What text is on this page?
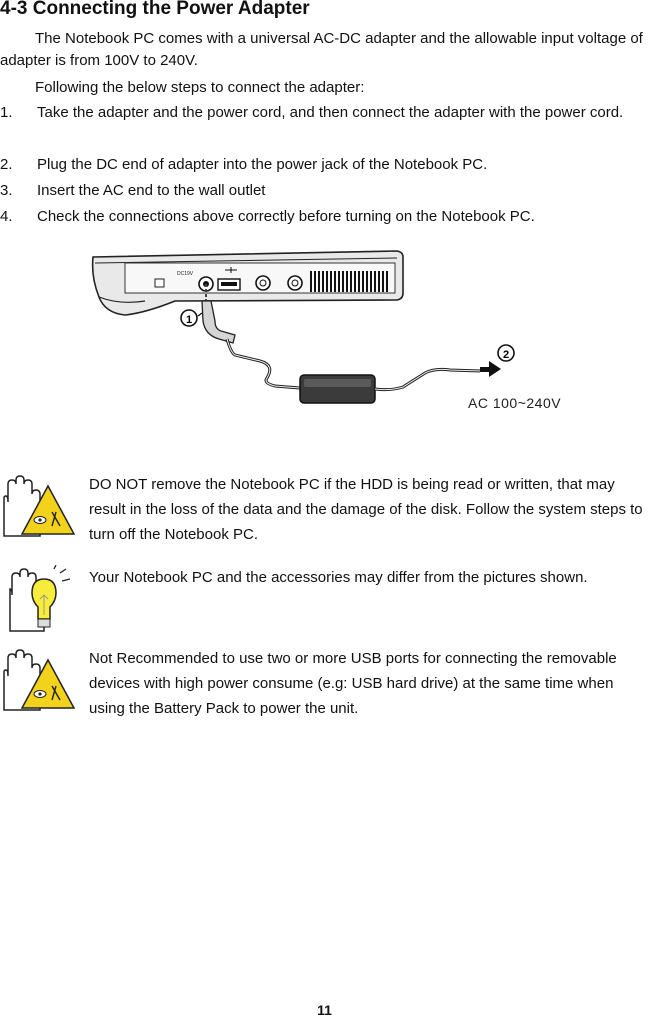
4-3 Connecting the Power Adapter

The Notebook PC comes with a universal AC-DC adapter and the allowable input voltage of adapter is from 100V to 240V.

Following the below steps to connect the adapter:

1. Take the adapter and the power cord, and then connect the adapter with the power cord.
2. Plug the DC end of adapter into the power jack of the Notebook PC.
3. Insert the AC end to the wall outlet
4. Check the connections above correctly before turning on the Notebook PC.
DC19V
1
2
AC 100~240V

DO NOT remove the Notebook PC if the HDD is being read or written, that may result in the loss of the data and the damage of the disk. Follow the system steps to turn off the Notebook PC.

Your Notebook PC and the accessories may differ from the pictures shown.

Not Recommended to use two or more USB ports for connecting the removable devices with high power consume (e.g: USB hard drive) at the same time when using the Battery Pack to power the unit.

11
